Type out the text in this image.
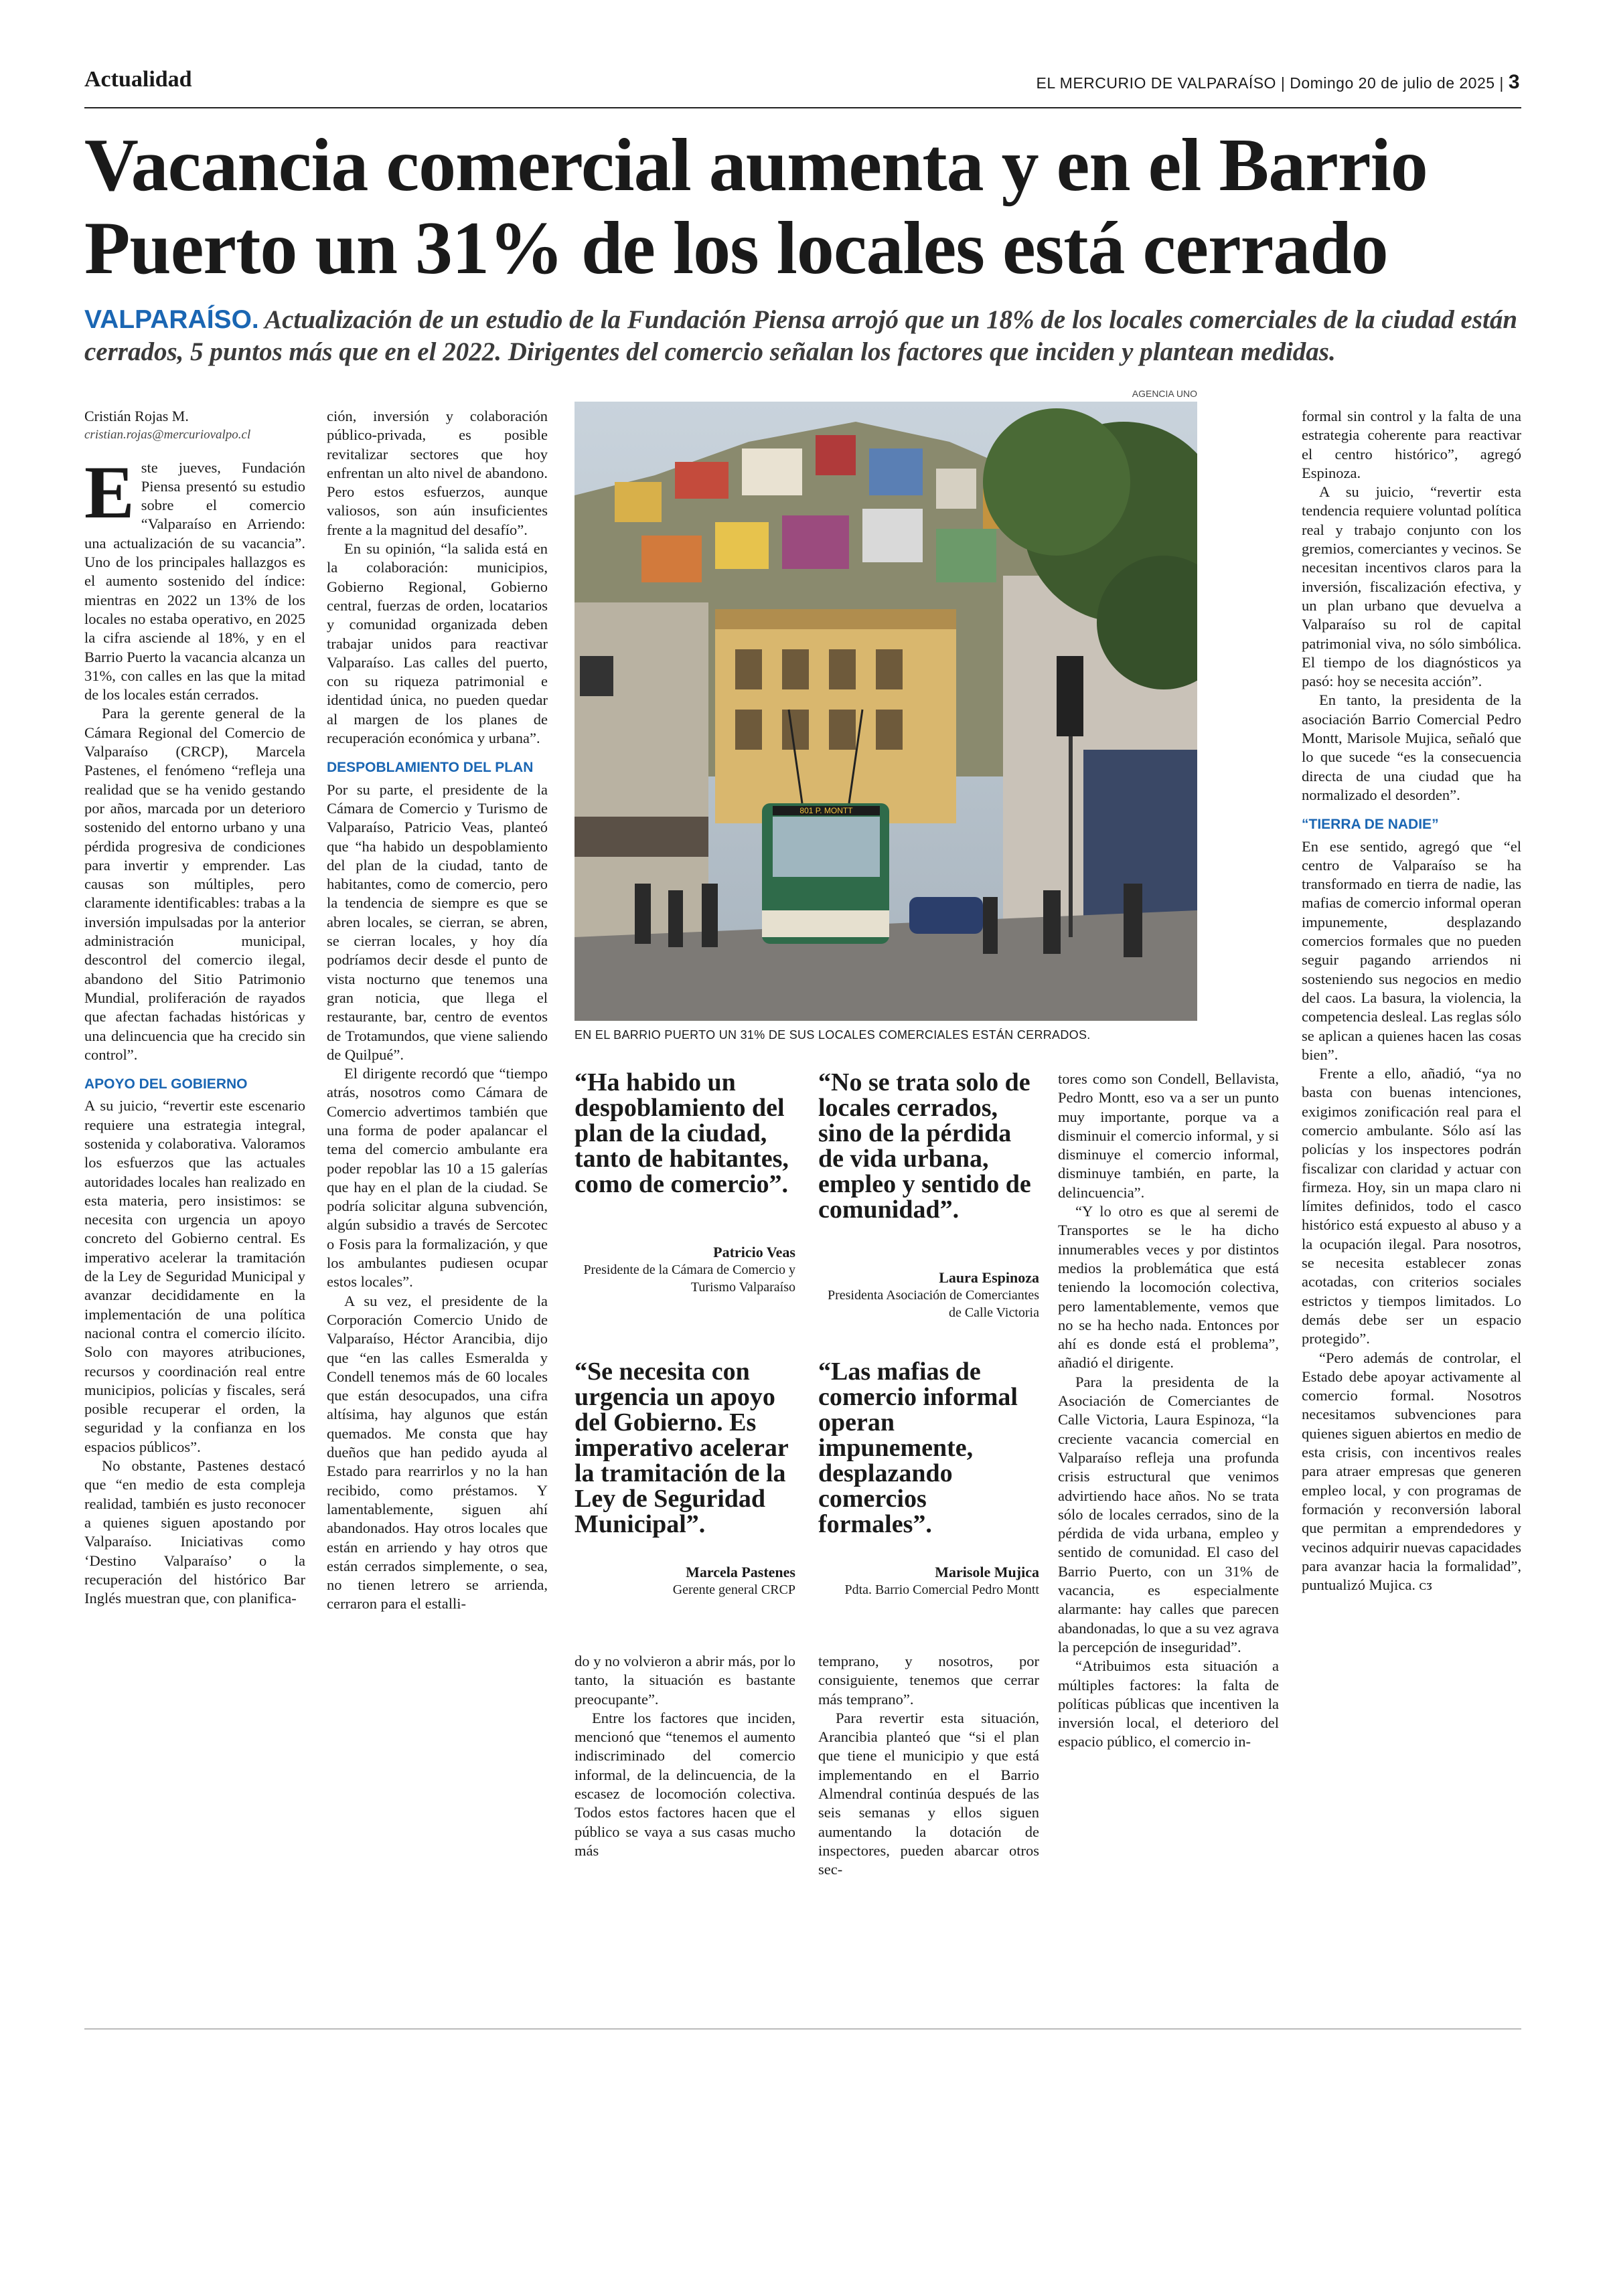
Actualidad	EL MERCURIO DE VALPARAÍSO | Domingo 20 de julio de 2025 | 3
Vacancia comercial aumenta y en el Barrio Puerto un 31% de los locales está cerrado
VALPARAÍSO. Actualización de un estudio de la Fundación Piensa arrojó que un 18% de los locales comerciales de la ciudad están cerrados, 5 puntos más que en el 2022. Dirigentes del comercio señalan los factores que inciden y plantean medidas.
Cristián Rojas M.
cristian.rojas@mercuriovalpo.cl

Este jueves, Fundación Piensa presentó su estudio sobre el comercio “Valparaíso en Arriendo: una actualización de su vacancia”. Uno de los principales hallazgos es el aumento sostenido del índice: mientras en 2022 un 13% de los locales no estaba operativo, en 2025 la cifra asciende al 18%, y en el Barrio Puerto la vacancia alcanza un 31%, con calles en las que la mitad de los locales están cerrados.

Para la gerente general de la Cámara Regional del Comercio de Valparaíso (CRCP), Marcela Pastenes, el fenómeno “refleja una realidad que se ha venido gestando por años, marcada por un deterioro sostenido del entorno urbano y una pérdida progresiva de condiciones para invertir y emprender. Las causas son múltiples, pero claramente identificables: trabas a la inversión impulsadas por la anterior administración municipal, descontrol del comercio ilegal, abandono del Sitio Patrimonio Mundial, proliferación de rayados que afectan fachadas históricas y una delincuencia que ha crecido sin control”.

APOYO DEL GOBIERNO

A su juicio, “revertir este escenario requiere una estrategia integral, sostenida y colaborativa. Valoramos los esfuerzos que las actuales autoridades locales han realizado en esta materia, pero insistimos: se necesita con urgencia un apoyo concreto del Gobierno central. Es imperativo acelerar la tramitación de la Ley de Seguridad Municipal y avanzar decididamente en la implementación de una política nacional contra el comercio ilícito. Solo con mayores atribuciones, recursos y coordinación real entre municipios, policías y fiscales, será posible recuperar el orden, la seguridad y la confianza en los espacios públicos”.

No obstante, Pastenes destacó que “en medio de esta compleja realidad, también es justo reconocer a quienes siguen apostando por Valparaíso. Iniciativas como ‘Destino Valparaíso’ o la recuperación del histórico Bar Inglés muestran que, con planifica-

ción, inversión y colaboración público-privada, es posible revitalizar sectores que hoy enfrentan un alto nivel de abandono. Pero estos esfuerzos, aunque valiosos, son aún insuficientes frente a la magnitud del desafío”.

En su opinión, “la salida está en la colaboración: municipios, Gobierno Regional, Gobierno central, fuerzas de orden, locatarios y comunidad organizada deben trabajar unidos para reactivar Valparaíso. Las calles del puerto, con su riqueza patrimonial e identidad única, no pueden quedar al margen de los planes de recuperación económica y urbana”.

DESPOBLAMIENTO DEL PLAN

Por su parte, el presidente de la Cámara de Comercio y Turismo de Valparaíso, Patricio Veas, planteó que “ha habido un despoblamiento del plan de la ciudad, tanto de habitantes, como de comercio, pero la tendencia de siempre es que se abren locales, se cierran, se abren, se cierran locales, y hoy día podríamos decir desde el punto de vista nocturno que tenemos una gran noticia, que llega el restaurante, bar, centro de eventos de Trotamundos, que viene saliendo de Quilpué”.

El dirigente recordó que “tiempo atrás, nosotros como Cámara de Comercio advertimos también que una forma de poder apalancar el tema del comercio ambulante era poder repoblar las 10 a 15 galerías que hay en el plan de la ciudad. Se podría solicitar alguna subvención, algún subsidio a través de Sercotec o Fosis para la formalización, y que los ambulantes pudiesen ocupar estos locales”.

A su vez, el presidente de la Corporación Comercio Unido de Valparaíso, Héctor Arancibia, dijo que “en las calles Esmeralda y Condell tenemos más de 60 locales que están desocupados, una cifra altísima, hay algunos que están quemados. Me consta que hay dueños que han pedido ayuda al Estado para rearrirlos y no la han recibido, como préstamos. Y lamentablemente, siguen ahí abandonados. Hay otros locales que están en arriendo y hay otros que están cerrados simplemente, o sea, no tienen letrero se arrienda, cerraron para el estalli-

AGENCIA UNO
801 P. MONTT
EN EL BARRIO PUERTO UN 31% DE SUS LOCALES COMERCIALES ESTÁN CERRADOS.
“Ha habido un despoblamiento del plan de la ciudad, tanto de habitantes, como de comercio”.
Patricio Veas
Presidente de la Cámara de Comercio y Turismo Valparaíso
“No se trata solo de locales cerrados, sino de la pérdida de vida urbana, empleo y sentido de comunidad”.
Laura Espinoza
Presidenta Asociación de Comerciantes de Calle Victoria
“Se necesita con urgencia un apoyo del Gobierno. Es imperativo acelerar la tramitación de la Ley de Seguridad Municipal”.
Marcela Pastenes
Gerente general CRCP
“Las mafias de comercio informal operan impunemente, desplazando comercios formales”.
Marisole Mujica
Pdta. Barrio Comercial Pedro Montt

do y no volvieron a abrir más, por lo tanto, la situación es bastante preocupante”.

Entre los factores que inciden, mencionó que “tenemos el aumento indiscriminado del comercio informal, de la delincuencia, de la escasez de locomoción colectiva. Todos estos factores hacen que el público se vaya a sus casas mucho más

temprano, y nosotros, por consiguiente, tenemos que cerrar más temprano”.

Para revertir esta situación, Arancibia planteó que “si el plan que tiene el municipio y que está implementando en el Barrio Almendral continúa después de las seis semanas y ellos siguen aumentando la dotación de inspectores, pueden abarcar otros sec-

tores como son Condell, Bellavista, Pedro Montt, eso va a ser un punto muy importante, porque va a disminuir el comercio informal, y si disminuye el comercio informal, disminuye también, en parte, la delincuencia”.

“Y lo otro es que al seremi de Transportes se le ha dicho innumerables veces y por distintos medios la problemática que está teniendo la locomoción colectiva, pero lamentablemente, vemos que no se ha hecho nada. Entonces por ahí es donde está el problema”, añadió el dirigente.

Para la presidenta de la Asociación de Comerciantes de Calle Victoria, Laura Espinoza, “la creciente vacancia comercial en Valparaíso refleja una profunda crisis estructural que venimos advirtiendo hace años. No se trata sólo de locales cerrados, sino de la pérdida de vida urbana, empleo y sentido de comunidad. El caso del Barrio Puerto, con un 31% de vacancia, es especialmente alarmante: hay calles que parecen abandonadas, lo que a su vez agrava la percepción de inseguridad”.

“Atribuimos esta situación a múltiples factores: la falta de políticas públicas que incentiven la inversión local, el deterioro del espacio público, el comercio in-

formal sin control y la falta de una estrategia coherente para reactivar el centro histórico”, agregó Espinoza.

A su juicio, “revertir esta tendencia requiere voluntad política real y trabajo conjunto con los gremios, comerciantes y vecinos. Se necesitan incentivos claros para la inversión, fiscalización efectiva, y un plan urbano que devuelva a Valparaíso su rol de capital patrimonial viva, no sólo simbólica. El tiempo de los diagnósticos ya pasó: hoy se necesita acción”.

En tanto, la presidenta de la asociación Barrio Comercial Pedro Montt, Marisole Mujica, señaló que lo que sucede “es la consecuencia directa de una ciudad que ha normalizado el desorden”.

“TIERRA DE NADIE”

En ese sentido, agregó que “el centro de Valparaíso se ha transformado en tierra de nadie, las mafias de comercio informal operan impunemente, desplazando comercios formales que no pueden seguir pagando arriendos ni sosteniendo sus negocios en medio del caos. La basura, la violencia, la competencia desleal. Las reglas sólo se aplican a quienes hacen las cosas bien”.

Frente a ello, añadió, “ya no basta con buenas intenciones, exigimos zonificación real para el comercio ambulante. Sólo así las policías y los inspectores podrán fiscalizar con claridad y actuar con firmeza. Hoy, sin un mapa claro ni límites definidos, todo el casco histórico está expuesto al abuso y a la ocupación ilegal. Para nosotros, se necesita establecer zonas acotadas, con criterios sociales estrictos y tiempos limitados. Lo demás debe ser un espacio protegido”.

“Pero además de controlar, el Estado debe apoyar activamente al comercio formal. Nosotros necesitamos subvenciones para quienes siguen abiertos en medio de esta crisis, con incentivos reales para atraer empresas que generen empleo local, y con programas de formación y reconversión laboral que permitan a emprendedores y vecinos adquirir nuevas capacidades para avanzar hacia la formalidad”, puntualizó Mujica. ᴄᴣ
